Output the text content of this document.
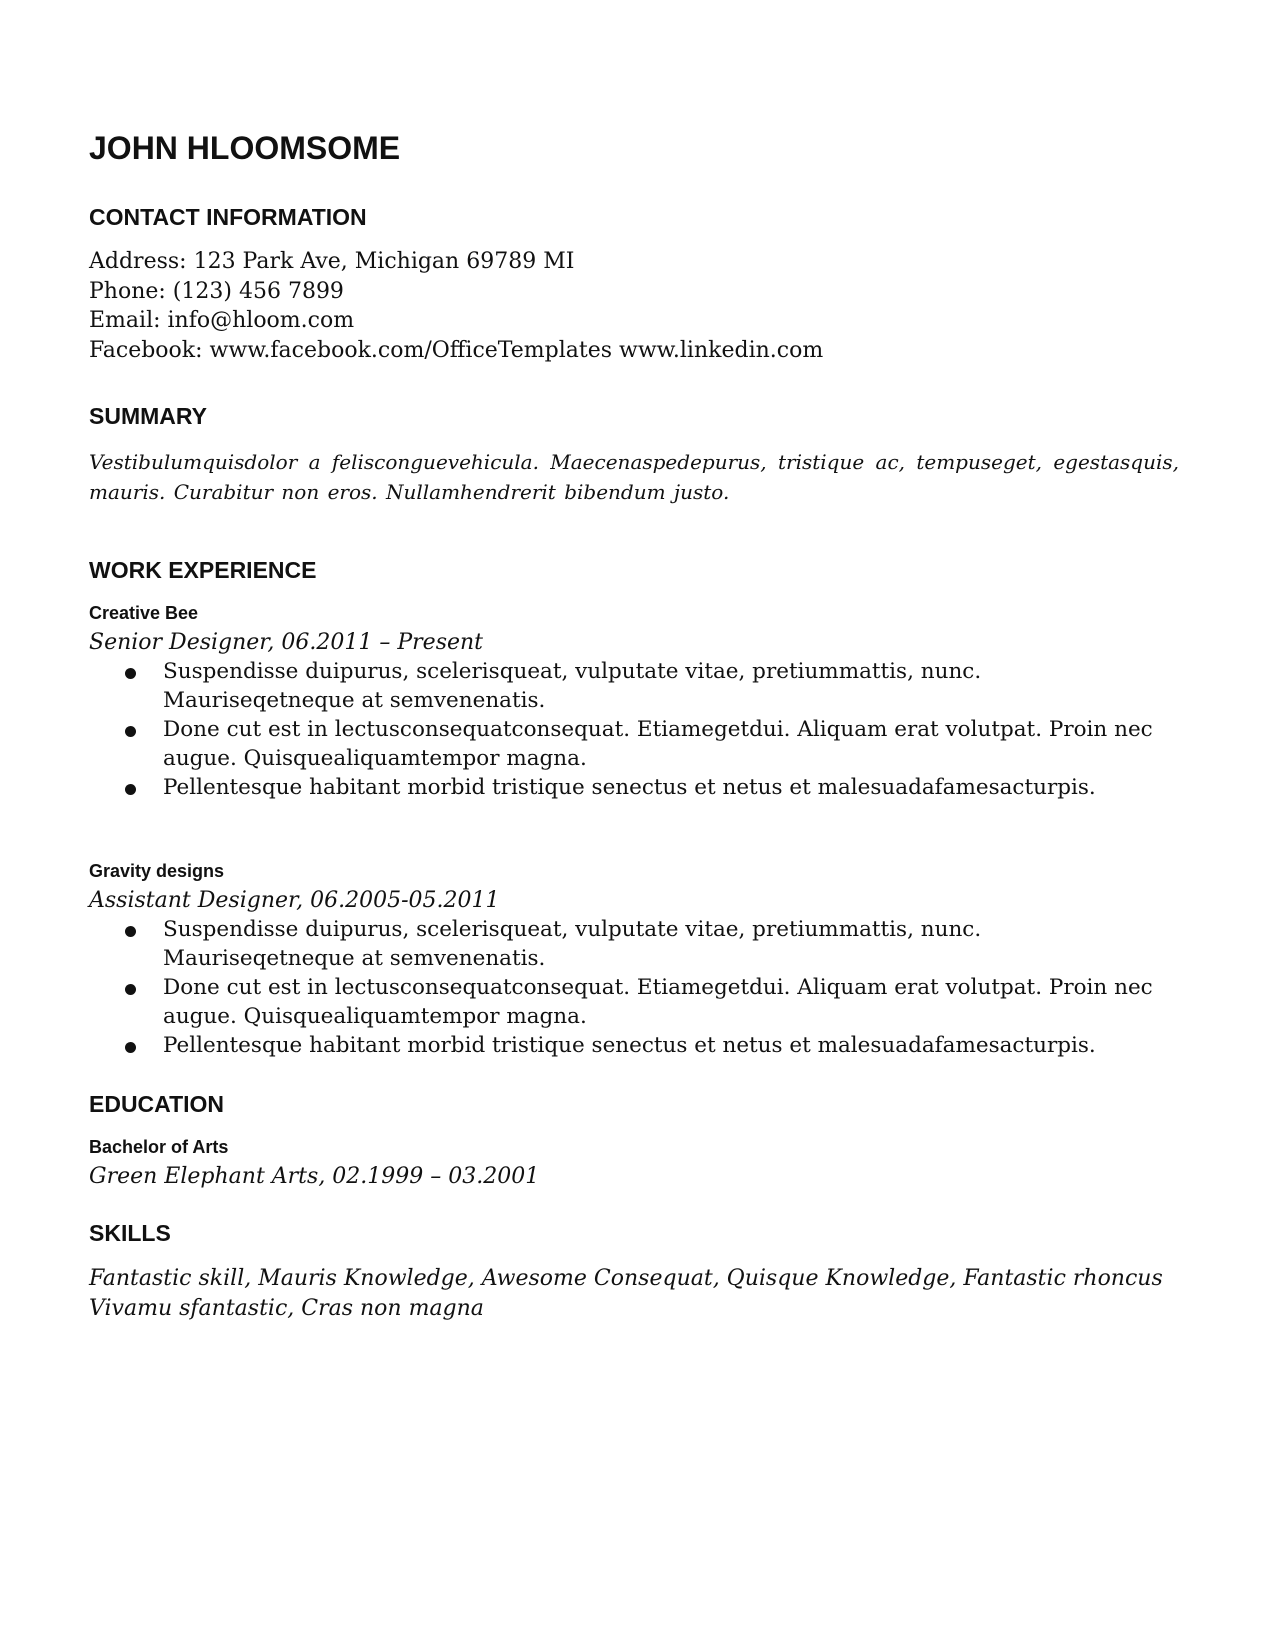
JOHN HLOOMSOME
CONTACT INFORMATION
Address: 123 Park Ave, Michigan 69789 MI
Phone: (123) 456 7899
Email: info@hloom.com
Facebook: www.facebook.com/OfficeTemplates www.linkedin.com
SUMMARY

Vestibulumquisdolor a felisconguevehicula. Maecenaspedepurus, tristique ac, tempuseget, egestasquis, mauris. Curabitur non eros. Nullamhendrerit bibendum justo.

WORK EXPERIENCE
Creative Bee
Senior Designer, 06.2011 – Present
Suspendisse duipurus, scelerisqueat, vulputate vitae, pretiummattis, nunc. Mauriseqetneque at semvenenatis.
Done cut est in lectusconsequatconsequat. Etiamegetdui. Aliquam erat volutpat. Proin nec augue. Quisquealiquamtempor magna.
Pellentesque habitant morbid tristique senectus et netus et malesuadafamesacturpis.
Gravity designs
Assistant Designer, 06.2005-05.2011
Suspendisse duipurus, scelerisqueat, vulputate vitae, pretiummattis, nunc. Mauriseqetneque at semvenenatis.
Done cut est in lectusconsequatconsequat. Etiamegetdui. Aliquam erat volutpat. Proin nec augue. Quisquealiquamtempor magna.
Pellentesque habitant morbid tristique senectus et netus et malesuadafamesacturpis.
EDUCATION
Bachelor of Arts
Green Elephant Arts, 02.1999 – 03.2001
SKILLS
Fantastic skill, Mauris Knowledge, Awesome Consequat, Quisque Knowledge, Fantastic rhoncus
Vivamu sfantastic, Cras non magna
